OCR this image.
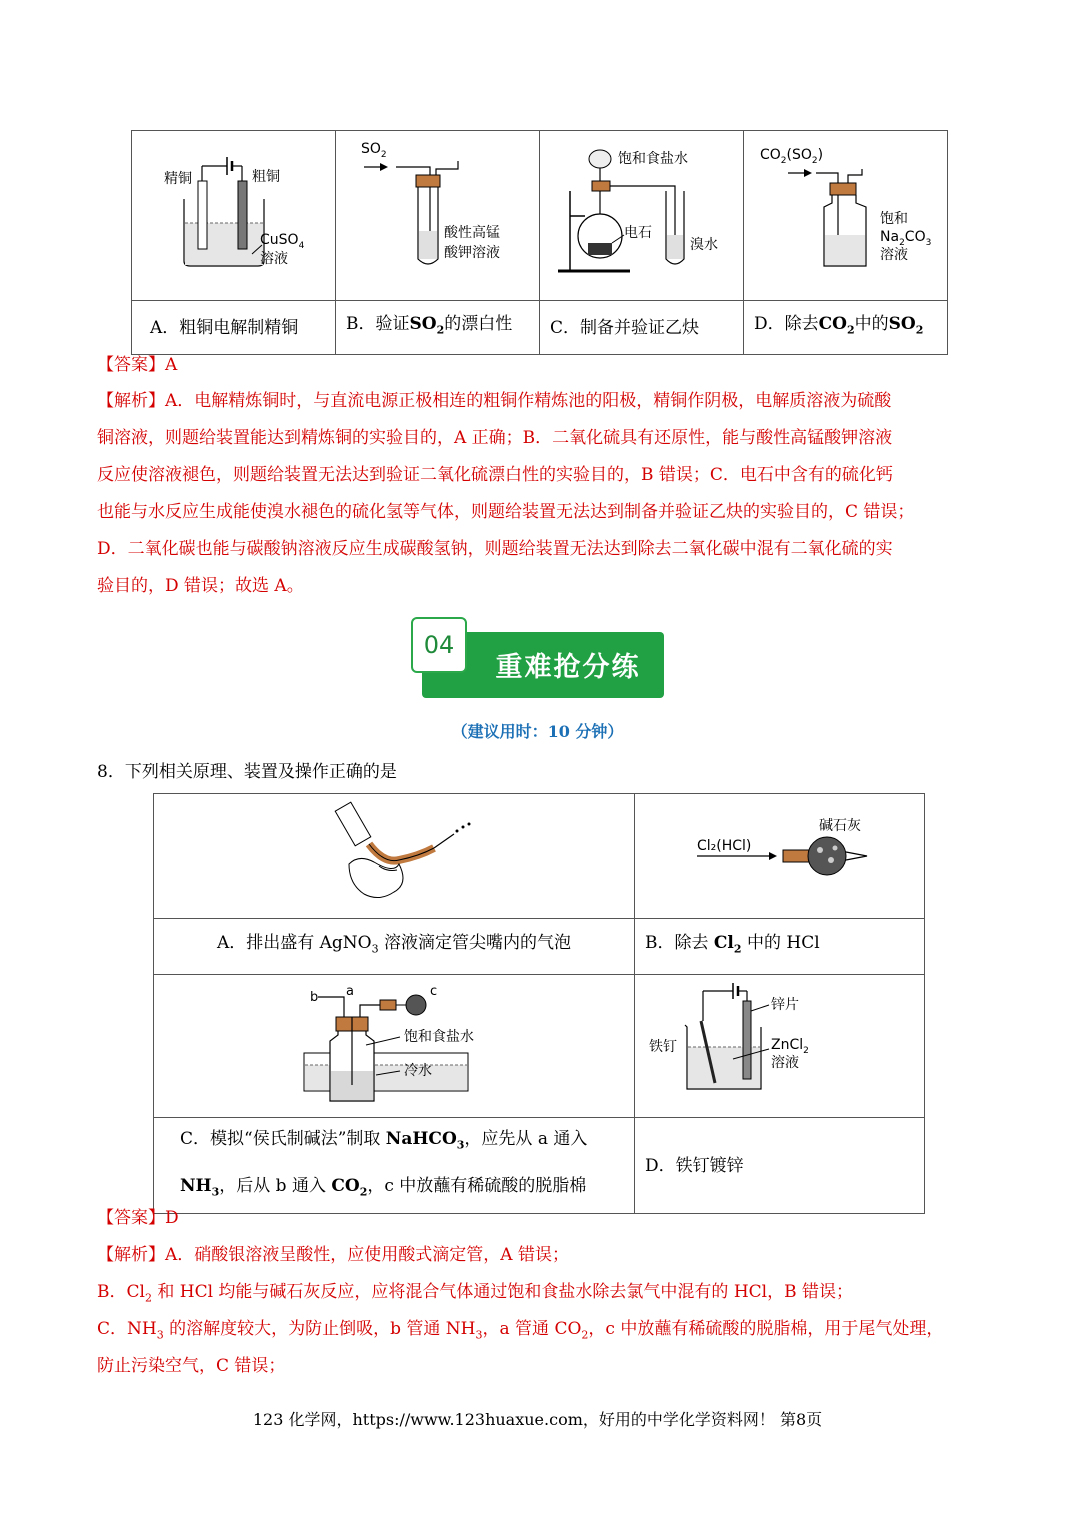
精铜 粗铜
CuSO$_4$
溶液	$SO_2$
酸性高锰
酸钾溶液	饱和食盐水
电石
溴水	$CO_2(SO_2)$
饱和
$Na_2CO_3$
溶液

A．粗铜电解制精铜	B．验证$SO_2$的漂白性	C．制备并验证乙炔	D．除去$CO_2$中的$SO_2$
【答案】A
【解析】A．电解精炼铜时，与直流电源正极相连的粗铜作精炼池的阳极，精铜作阴极，电解质溶液为硫酸
铜溶液，则题给装置能达到精炼铜的实验目的，A 正确；B．二氧化硫具有还原性，能与酸性高锰酸钾溶液
反应使溶液褪色，则题给装置无法达到验证二氧化硫漂白性的实验目的，B 错误；C．电石中含有的硫化钙
也能与水反应生成能使溴水褪色的硫化氢等气体，则题给装置无法达到制备并验证乙炔的实验目的，C 错误；
D．二氧化碳也能与碳酸钠溶液反应生成碳酸氢钠，则题给装置无法达到除去二氧化碳中混有二氧化硫的实
验目的，D 错误；故选 A。
04
重难抢分练
（建议用时：10 分钟）
8．下列相关原理、装置及操作正确的是

Cl₂(HCl)
碱石灰

A．排出盛有 AgNO$_3$ 溶液滴定管尖嘴内的气泡	B．除去 $Cl_2$ 中的 HCl

b a c
饱和食盐水
冷水	锌片
铁钉 ZnCl$_2$
溶液

C．模拟“侯氏制碱法”制取 NaHCO$_3$，应先从 a 通入
$NH_3$，后从 b 通入 $CO_2$，c 中放蘸有稀硫酸的脱脂棉	D．铁钉镀锌
【答案】D
【解析】A．硝酸银溶液呈酸性，应使用酸式滴定管，A 错误；
B．$Cl_2$ 和 HCl 均能与碱石灰反应，应将混合气体通过饱和食盐水除去氯气中混有的 HCl，B 错误；
C．$NH_3$ 的溶解度较大，为防止倒吸，b 管通 $NH_3$，a 管通 $CO_2$，c 中放蘸有稀硫酸的脱脂棉，用于尾气处理，
防止污染空气，C 错误；
123 化学网，https://www.123huaxue.com，好用的中学化学资料网！ 第8页
